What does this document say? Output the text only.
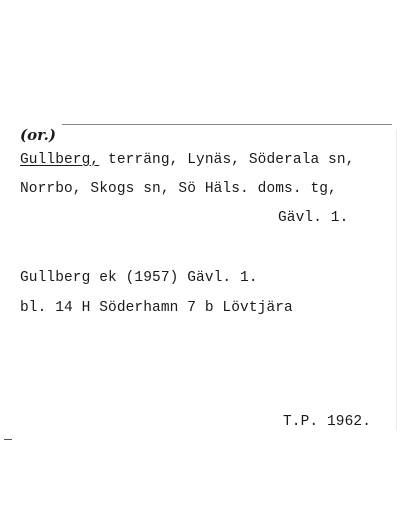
(or.)
Gullberg, terräng, Lynäs, Söderala sn,
Norrbo, Skogs sn, Sö Häls. doms. tg,
Gävl. 1.
Gullberg ek (1957) Gävl. 1.
bl. 14 H Söderhamn 7 b Lövtjära
T.P. 1962.
